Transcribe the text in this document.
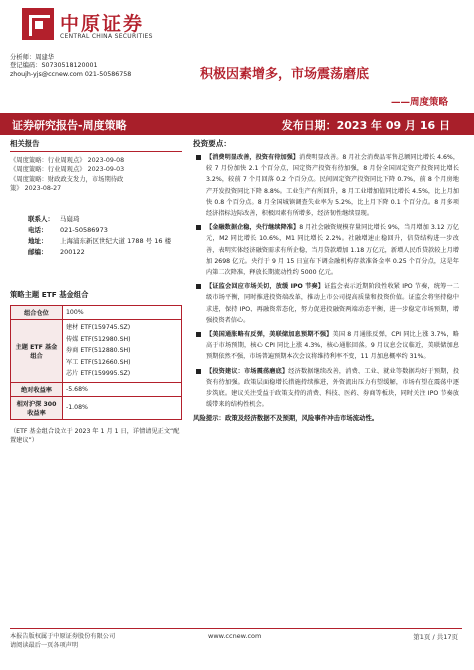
中原证券
CENTRAL CHINA SECURITIES
分析师：周建华
登记编码：S0730518120001
zhoujh-yjs@ccnew.com 021-50586758	积极因素增多，市场震荡磨底
——周度策略
证券研究报告-周度策略	发布日期：2023 年 09 月 16 日
相关报告
《周度策略：行业周观点》 2023-09-08
《周度策略：行业周观点》 2023-09-03
《周度策略：财政政支发力，市场期待政
策》 2023-08-27
联系人： 马嶷琦
电话： 021-50586973
地址： 上海浦东新区世纪大道 1788 号 16 楼
邮编： 200122
策略主题 ETF 基金组合
组合仓位	100%
主题 ETF 基金组合	建材 ETF(159745.SZ)
传媒 ETF(512980.SH)
券商 ETF(512880.SH)
军工 ETF(512660.SH)
芯片 ETF(159995.SZ)

绝对收益率	-5.68%
相对沪深 300 收益率	-1.08%
（ETF 基金组合设立于 2023 年 1 月 1 日，详情请见正文“配置建议”）
投资要点：
【消费明显改善，投资有待加强】消费明显改善。8 月社会消费品零售总额同比增长 4.6%，较 7 月份加快 2.1 个百分点，国定资产投资有待加强，8 月份全国固定资产投资同比增长 3.2%，较前 7 个月回落 0.2 个百分点。民间固定资产投资同比下降 0.7%，前 8 个月房地产开发投资同比下降 8.8%。工业生产有所回升，8 月工业增加值同比增长 4.5%，比上月加快 0.8 个百分点。8 月全国城镇调查失业率为 5.2%，比上月下降 0.1 个百分点。8 月多项经济指标边际改善，积极因素有所增多，经济韧性继续显现。
【金融数据企稳，央行继续降准】8 月社会融资规模存量同比增长 9%，当月增加 3.12 万亿元，M2 同比增长 10.6%，M1 同比增长 2.2%。社融增速止稳回升，信贷结构进一步改善，表明实体经济融资需求有所企稳，当月贷款增加 1.18 万亿元，新增人民币贷款较上月增加 2698 亿元。央行于 9 月 15 日宣布下调金融机构存款准备金率 0.25 个百分点，这是年内第二次降准，释放长期流动性约 5000 亿元。
【证监会回应市场关切，放缓 IPO 节奏】证监会表示近期阶段性收紧 IPO 节奏，统筹一二级市场平衡，同时推进投资端改革，推动上市公司提高质量和投资价值。证监会将坚持稳中求进，保持 IPO、再融资常态化，努力促进投融资两端动态平衡，进一步稳定市场预期，增强投资者信心。
【美国通胀略有反弹，美联储加息预期不强】美国 8 月通胀反弹，CPI 同比上涨 3.7%，略高于市场预期，核心 CPI 同比上涨 4.3%，核心通胀回落。9 月议息会议临近，美联储加息预期依然不强，市场普遍预期本次会议将维持利率不变，11 月加息概率约 31%。
【投资建议：市场震荡磨底】经济数据继续改善，消费、工业、就业等数据均好于预期，投资有待加强。政策层面稳增长措施持续推进，外资流出压力有望缓解，市场有望在震荡中逐步筑底。建议关注受益于政策支持的消费、科技、医药、券商等板块，同时关注 IPO 节奏放缓带来的结构性机会。
风险提示：政策及经济数据不及预期，风险事件冲击市场流动性。
本报告版权属于中原证券股份有限公司
请阅读最后一页各项声明
www.ccnew.com	第1页 / 共17页
